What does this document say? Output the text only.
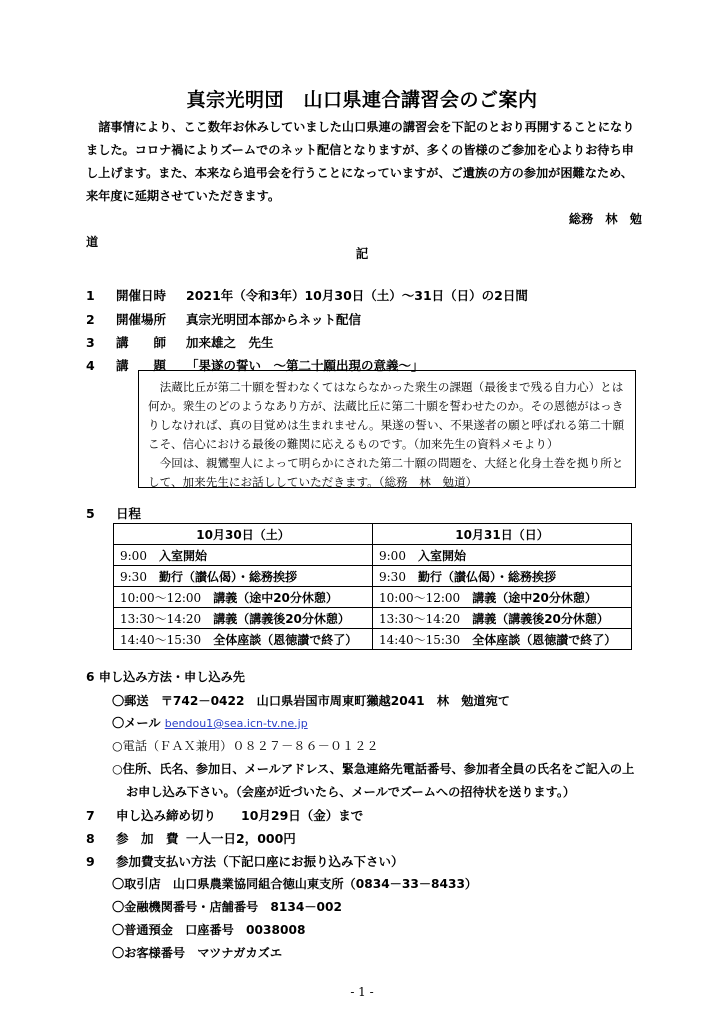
真宗光明団　山口県連合講習会のご案内

諸事情により、ここ数年お休みしていました山口県連の講習会を下記のとおり再開することになりました。コロナ禍によりズームでのネット配信となりますが、多くの皆様のご参加を心よりお待ち申し上げます。また、本来なら追弔会を行うことになっていますが、ご遺族の方の参加が困難なため、来年度に延期させていただきます。

総務　林　勉

道

記
1 開催日時 2021年（令和3年）10月30日（土）～31日（日）の2日間
2 開催場所 真宗光明団本部からネット配信
3 講　　師 加来雄之　先生
4 講　　題 「果遂の誓い　～第二十願出現の意義～」

法蔵比丘が第二十願を誓わなくてはならなかった衆生の課題（最後まで残る自力心）とは何か。衆生のどのようなあり方が、法蔵比丘に第二十願を誓わせたのか。その恩徳がはっきりしなければ、真の目覚めは生まれません。果遂の誓い、不果遂者の願と呼ばれる第二十願こそ、信心における最後の難関に応えるものです。（加来先生の資料メモより）

今回は、親鸞聖人によって明らかにされた第二十願の問題を、大経と化身土巻を拠り所として、加来先生にお話ししていただきます。（総務　林　勉道）

5 日程
10月30日（土）	10月31日（日）
9:00　 入室開始	9:00　 入室開始
9:30　 勤行（讃仏偈）・総務挨拶	9:30　 勤行（讃仏偈）・総務挨拶
10:00～12:00　 講義（途中20分休憩）	10:00～12:00　 講義（途中20分休憩）
13:30～14:20　 講義（講義後20分休憩）	13:30～14:20　 講義（講義後20分休憩）
14:40～15:30　 全体座談（恩徳讃で終了）	14:40～15:30　 全体座談（恩徳讃で終了）
6 申し込み方法・申し込み先
〇郵送　〒742－0422　山口県岩国市周東町獺越2041　林　勉道宛て
〇メール bendou1@sea.icn-tv.ne.jp
○電話（ＦＡＸ兼用）０８２７－８６－０１２２
○住所、氏名、参加日、メールアドレス、緊急連絡先電話番号、参加者全員の氏名をご記入の上
お申し込み下さい。（会座が近づいたら、メールでズームへの招待状を送ります。）
7 申し込み締め切り　　10月29日（金）まで
8 参　加　費 一人一日2，000円
9 参加費支払い方法（下記口座にお振り込み下さい）
〇取引店　山口県農業協同組合徳山東支所（0834－33－8433）
〇金融機関番号・店舗番号　8134－002
〇普通預金　口座番号　0038008
〇お客様番号　マツナガカズエ
- 1 -
